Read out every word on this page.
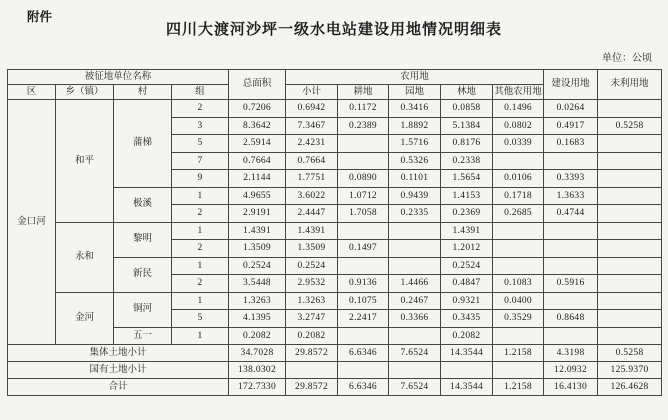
附件
四川大渡河沙坪一级水电站建设用地情况明细表
单位：公顷
被征地单位名称				总面积	农用地					建设用地	未利用地
区	乡（镇）	村	组		小计	耕地	园地	林地	其他农用地		
金口河	和平	蒲梯	2	0.7206	0.6942	0.1172	0.3416	0.0858	0.1496	0.0264	
			3	8.3642	7.3467	0.2389	1.8892	5.1384	0.0802	0.4917	0.5258
			5	2.5914	2.4231		1.5716	0.8176	0.0339	0.1683	
			7	0.7664	0.7664		0.5326	0.2338			
			9	2.1144	1.7751	0.0890	0.1101	1.5654	0.0106	0.3393	
		极溪	1	4.9655	3.6022	1.0712	0.9439	1.4153	0.1718	1.3633	
			2	2.9191	2.4447	1.7058	0.2335	0.2369	0.2685	0.4744	
	永和	黎明	1	1.4391	1.4391			1.4391			
			2	1.3509	1.3509	0.1497		1.2012			
		新民	1	0.2524	0.2524			0.2524			
			2	3.5448	2.9532	0.9136	1.4466	0.4847	0.1083	0.5916	
	金河	铜河	1	1.3263	1.3263	0.1075	0.2467	0.9321	0.0400		
			5	4.1395	3.2747	2.2417	0.3366	0.3435	0.3529	0.8648	
		五一	1	0.2082	0.2082			0.2082			
集体土地小计				34.7028	29.8572	6.6346	7.6524	14.3544	1.2158	4.3198	0.5258
国有土地小计				138.0302						12.0932	125.9370
合计				172.7330	29.8572	6.6346	7.6524	14.3544	1.2158	16.4130	126.4628
